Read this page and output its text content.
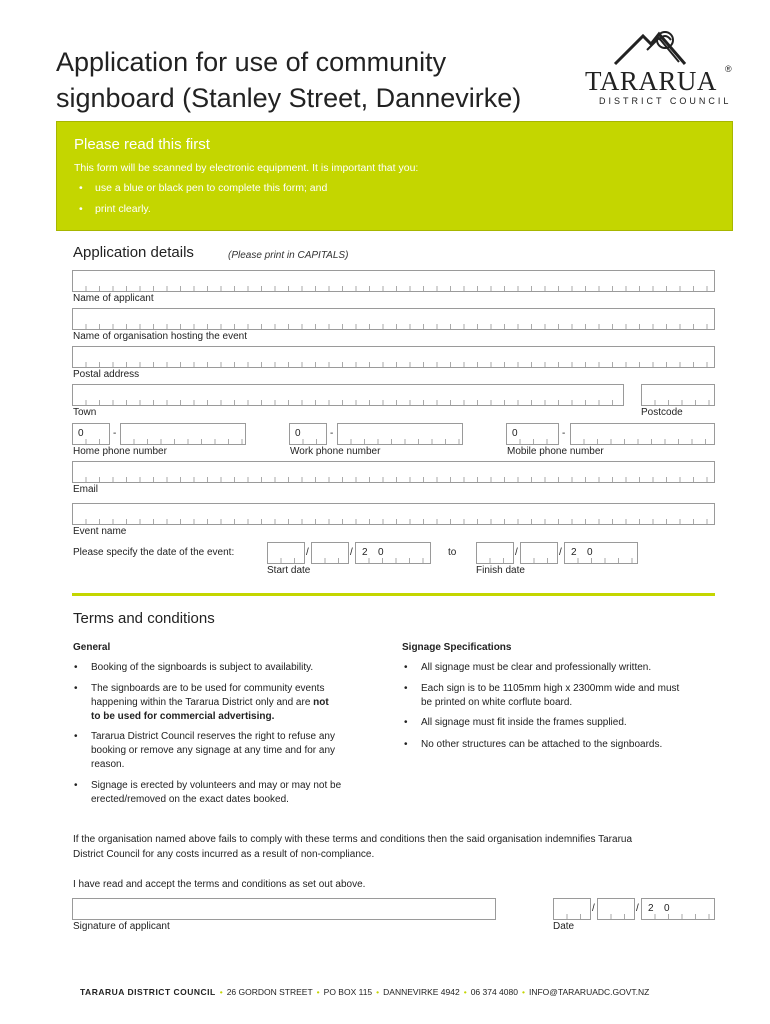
Application for use of community
signboard (Stanley Street, Dannevirke)
TARARUA ®
DISTRICT COUNCIL
Please read this first
This form will be scanned by electronic equipment. It is important that you:
• use a blue or black pen to complete this form; and
• print clearly.
Application details	(Please print in CAPITALS)
Name of applicant
Name of organisation hosting the event
Postal address
Town	Postcode
0	-
Home phone number
0	-
Work phone number
0	-
Mobile phone number
Email
Event name
Please specify the date of the event:	/	/ 2 0
Start date
to	/	/ 2 0
Finish date
Terms and conditions
General	Signage Specifications
• Booking of the signboards is subject to availability.
• The signboards are to be used for community events
happening within the Tararua District only and are not
to be used for commercial advertising.
• Tararua District Council reserves the right to refuse any
booking or remove any signage at any time and for any
reason.
• Signage is erected by volunteers and may or may not be
erected/removed on the exact dates booked.
• All signage must be clear and professionally written.
• Each sign is to be 1105mm high x 2300mm wide and must
be printed on white corflute board.
• All signage must fit inside the frames supplied.
• No other structures can be attached to the signboards.
If the organisation named above fails to comply with these terms and conditions then the said organisation indemnifies Tararua
District Council for any costs incurred as a result of non-compliance.
I have read and accept the terms and conditions as set out above.
Signature of applicant
/	/ 2 0
Date
TARARUA DISTRICT COUNCIL • 26 GORDON STREET • PO BOX 115 • DANNEVIRKE 4942 • 06 374 4080 • INFO@TARARUADC.GOVT.NZ
